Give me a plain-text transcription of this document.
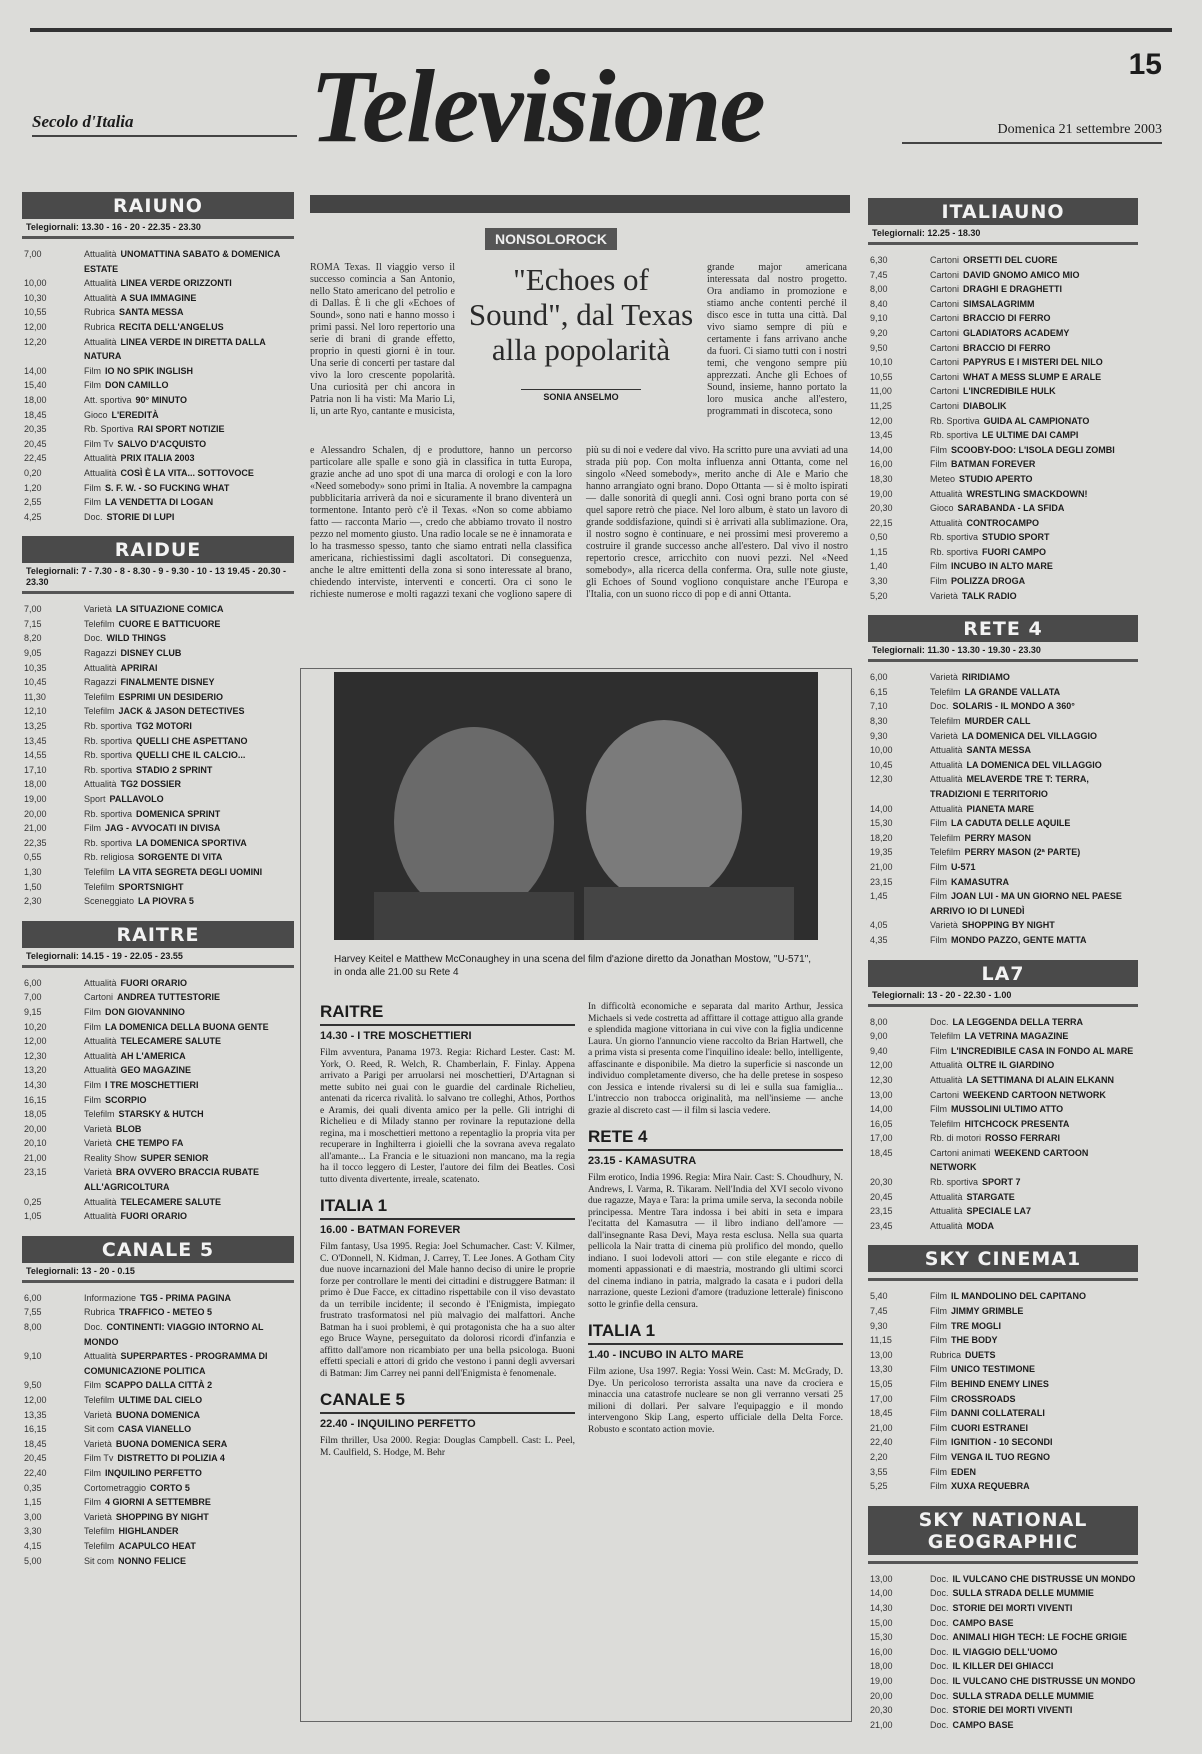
Secolo d'Italia Televisione	15
Domenica 21 settembre 2003
RAIUNO
Telegiornali: 13.30 - 16 - 20 - 22.35 - 23.30
7,00	Attualità UNOMATTINA SABATO & DOMENICA ESTATE
10,00	Attualità LINEA VERDE ORIZZONTI
10,30	Attualità A SUA IMMAGINE
10,55	Rubrica SANTA MESSA
12,00	Rubrica RECITA DELL'ANGELUS
12,20	Attualità LINEA VERDE IN DIRETTA DALLA NATURA
14,00	Film IO NO SPIK INGLISH
15,40	Film DON CAMILLO
18,00	Att. sportiva 90° MINUTO
18,45	Gioco L'EREDITÀ
20,35	Rb. Sportiva RAI SPORT NOTIZIE
20,45	Film Tv SALVO D'ACQUISTO
22,45	Attualità PRIX ITALIA 2003
0,20	Attualità COSÌ È LA VITA... SOTTOVOCE
1,20	Film S. F. W. - SO FUCKING WHAT
2,55	Film LA VENDETTA DI LOGAN
4,25	Doc. STORIE DI LUPI
RAIDUE
Telegiornali: 7 - 7.30 - 8 - 8.30 - 9 - 9.30 - 10 - 13 19.45 - 20.30 - 23.30
7,00	Varietà LA SITUAZIONE COMICA
7,15	Telefilm CUORE E BATTICUORE
8,20	Doc. WILD THINGS
9,05	Ragazzi DISNEY CLUB
10,35	Attualità APRIRAI
10,45	Ragazzi FINALMENTE DISNEY
11,30	Telefilm ESPRIMI UN DESIDERIO
12,10	Telefilm JACK & JASON DETECTIVES
13,25	Rb. sportiva TG2 MOTORI
13,45	Rb. sportiva QUELLI CHE ASPETTANO
14,55	Rb. sportiva QUELLI CHE IL CALCIO...
17,10	Rb. sportiva STADIO 2 SPRINT
18,00	Attualità TG2 DOSSIER
19,00	Sport PALLAVOLO
20,00	Rb. sportiva DOMENICA SPRINT
21,00	Film JAG - AVVOCATI IN DIVISA
22,35	Rb. sportiva LA DOMENICA SPORTIVA
0,55	Rb. religiosa SORGENTE DI VITA
1,30	Telefilm LA VITA SEGRETA DEGLI UOMINI
1,50	Telefilm SPORTSNIGHT
2,30	Sceneggiato LA PIOVRA 5
RAITRE
Telegiornali: 14.15 - 19 - 22.05 - 23.55
6,00	Attualità FUORI ORARIO
7,00	Cartoni ANDREA TUTTESTORIE
9,15	Film DON GIOVANNINO
10,20	Film LA DOMENICA DELLA BUONA GENTE
12,00	Attualità TELECAMERE SALUTE
12,30	Attualità AH L'AMERICA
13,20	Attualità GEO MAGAZINE
14,30	Film I TRE MOSCHETTIERI
16,15	Film SCORPIO
18,05	Telefilm STARSKY & HUTCH
20,00	Varietà BLOB
20,10	Varietà CHE TEMPO FA
21,00	Reality Show SUPER SENIOR
23,15	Varietà BRA OVVERO BRACCIA RUBATE ALL'AGRICOLTURA
0,25	Attualità TELECAMERE SALUTE
1,05	Attualità FUORI ORARIO
CANALE 5
Telegiornali: 13 - 20 - 0.15
6,00	Informazione TG5 - PRIMA PAGINA
7,55	Rubrica TRAFFICO - METEO 5
8,00	Doc. CONTINENTI: VIAGGIO INTORNO AL MONDO
9,10	Attualità SUPERPARTES - PROGRAMMA DI COMUNICAZIONE POLITICA
9,50	Film SCAPPO DALLA CITTÀ 2
12,00	Telefilm ULTIME DAL CIELO
13,35	Varietà BUONA DOMENICA
16,15	Sit com CASA VIANELLO
18,45	Varietà BUONA DOMENICA SERA
20,45	Film Tv DISTRETTO DI POLIZIA 4
22,40	Film INQUILINO PERFETTO
0,35	Cortometraggio CORTO 5
1,15	Film 4 GIORNI A SETTEMBRE
3,00	Varietà SHOPPING BY NIGHT
3,30	Telefilm HIGHLANDER
4,15	Telefilm ACAPULCO HEAT
5,00	Sit com NONNO FELICE
ITALIAUNO
Telegiornali: 12.25 - 18.30
6,30	Cartoni ORSETTI DEL CUORE
7,45	Cartoni DAVID GNOMO AMICO MIO
8,00	Cartoni DRAGHI E DRAGHETTI
8,40	Cartoni SIMSALAGRIMM
9,10	Cartoni BRACCIO DI FERRO
9,20	Cartoni GLADIATORS ACADEMY
9,50	Cartoni BRACCIO DI FERRO
10,10	Cartoni PAPYRUS E I MISTERI DEL NILO
10,55	Cartoni WHAT A MESS SLUMP E ARALE
11,00	Cartoni L'INCREDIBILE HULK
11,25	Cartoni DIABOLIK
12,00	Rb. Sportiva GUIDA AL CAMPIONATO
13,45	Rb. sportiva LE ULTIME DAI CAMPI
14,00	Film SCOOBY-DOO: L'ISOLA DEGLI ZOMBI
16,00	Film BATMAN FOREVER
18,30	Meteo STUDIO APERTO
19,00	Attualità WRESTLING SMACKDOWN!
20,30	Gioco SARABANDA - LA SFIDA
22,15	Attualità CONTROCAMPO
0,50	Rb. sportiva STUDIO SPORT
1,15	Rb. sportiva FUORI CAMPO
1,40	Film INCUBO IN ALTO MARE
3,30	Film POLIZZA DROGA
5,20	Varietà TALK RADIO
RETE 4
Telegiornali: 11.30 - 13.30 - 19.30 - 23.30
6,00	Varietà RIRIDIAMO
6,15	Telefilm LA GRANDE VALLATA
7,10	Doc. SOLARIS - IL MONDO A 360°
8,30	Telefilm MURDER CALL
9,30	Varietà LA DOMENICA DEL VILLAGGIO
10,00	Attualità SANTA MESSA
10,45	Attualità LA DOMENICA DEL VILLAGGIO
12,30	Attualità MELAVERDE TRE T: TERRA, TRADIZIONI E TERRITORIO
14,00	Attualità PIANETA MARE
15,30	Film LA CADUTA DELLE AQUILE
18,20	Telefilm PERRY MASON
19,35	Telefilm PERRY MASON (2ª PARTE)
21,00	Film U-571
23,15	Film KAMASUTRA
1,45	Film JOAN LUI - MA UN GIORNO NEL PAESE ARRIVO IO DI LUNEDÌ
4,05	Varietà SHOPPING BY NIGHT
4,35	Film MONDO PAZZO, GENTE MATTA
LA7
Telegiornali: 13 - 20 - 22.30 - 1.00
8,00	Doc. LA LEGGENDA DELLA TERRA
9,00	Telefilm LA VETRINA MAGAZINE
9,40	Film L'INCREDIBILE CASA IN FONDO AL MARE
12,00	Attualità OLTRE IL GIARDINO
12,30	Attualità LA SETTIMANA DI ALAIN ELKANN
13,00	Cartoni WEEKEND CARTOON NETWORK
14,00	Film MUSSOLINI ULTIMO ATTO
16,05	Telefilm HITCHCOCK PRESENTA
17,00	Rb. di motori ROSSO FERRARI
18,45	Cartoni animati WEEKEND CARTOON NETWORK
20,30	Rb. sportiva SPORT 7
20,45	Attualità STARGATE
23,15	Attualità SPECIALE LA7
23,45	Attualità MODA
SKY CINEMA1
5,40	Film IL MANDOLINO DEL CAPITANO
7,45	Film JIMMY GRIMBLE
9,30	Film TRE MOGLI
11,15	Film THE BODY
13,00	Rubrica DUETS
13,30	Film UNICO TESTIMONE
15,05	Film BEHIND ENEMY LINES
17,00	Film CROSSROADS
18,45	Film DANNI COLLATERALI
21,00	Film CUORI ESTRANEI
22,40	Film IGNITION - 10 SECONDI
2,20	Film VENGA IL TUO REGNO
3,55	Film EDEN
5,25	Film XUXA REQUEBRA
SKY NATIONAL GEOGRAPHIC
13,00	Doc. IL VULCANO CHE DISTRUSSE UN MONDO
14,00	Doc. SULLA STRADA DELLE MUMMIE
14,30	Doc. STORIE DEI MORTI VIVENTI
15,00	Doc. CAMPO BASE
15,30	Doc. ANIMALI HIGH TECH: LE FOCHE GRIGIE
16,00	Doc. IL VIAGGIO DELL'UOMO
18,00	Doc. IL KILLER DEI GHIACCI
19,00	Doc. IL VULCANO CHE DISTRUSSE UN MONDO
20,00	Doc. SULLA STRADA DELLE MUMMIE
20,30	Doc. STORIE DEI MORTI VIVENTI
21,00	Doc. CAMPO BASE
NONSOLOROCK
ROMA Texas. Il viaggio verso il successo comincia a San Antonio, nello Stato americano del petrolio e di Dallas. È lì che gli «Echoes of Sound», sono nati e hanno mosso i primi passi. Nel loro repertorio una serie di brani di grande effetto, proprio in questi giorni è in tour. Una serie di concerti per tastare dal vivo la loro crescente popolarità. Una curiosità per chi ancora in Patria non li ha visti: Ma Mario Li, li, un arte Ryo, cantante e musicista,
"Echoes of Sound", dal Texas alla popolarità
SONIA ANSELMO
grande major americana interessata dal nostro progetto. Ora andiamo in promozione e stiamo anche contenti perché il disco esce in tutta una città. Dal vivo siamo sempre di più e certamente i fans arrivano anche da fuori. Ci siamo tutti con i nostri temi, che vengono sempre più apprezzati. Anche gli Echoes of Sound, insieme, hanno portato la loro musica anche all'estero, programmati in discoteca, sono
e Alessandro Schalen, dj e produttore, hanno un percorso particolare alle spalle e sono già in classifica in tutta Europa, grazie anche ad uno spot di una marca di orologi e con la loro «Need somebody» sono primi in Italia. A novembre la campagna pubblicitaria arriverà da noi e sicuramente il brano diventerà un tormentone. Intanto però c'è il Texas. «Non so come abbiamo fatto — racconta Mario —, credo che abbiamo trovato il nostro pezzo nel momento giusto. Una radio locale se ne è innamorata e lo ha trasmesso spesso, tanto che siamo entrati nella classifica americana, richiestissimi dagli ascoltatori. Di conseguenza, anche le altre emittenti della zona si sono interessate al brano, chiedendo interviste, interventi e concerti. Ora ci sono le richieste numerose e molti ragazzi texani che vogliono sapere di più su di noi e vedere dal vivo. Ha scritto pure una avviati ad una strada più pop. Con molta influenza anni Ottanta, come nel singolo «Need somebody», merito anche di Ale e Mario che hanno arrangiato ogni brano. Dopo Ottanta — si è molto ispirati — dalle sonorità di quegli anni. Così ogni brano porta con sé quel sapore retrò che piace. Nel loro album, è stato un lavoro di grande soddisfazione, quindi si è arrivati alla sublimazione. Ora, il nostro sogno è continuare, e nei prossimi mesi proveremo a costruire il grande successo anche all'estero. Dal vivo il nostro repertorio cresce, arricchito con nuovi pezzi. Nel «Need somebody», alla ricerca della conferma. Ora, sulle note giuste, gli Echoes of Sound vogliono conquistare anche l'Europa e l'Italia, con un suono ricco di pop e di anni Ottanta.
Harvey Keitel e Matthew McConaughey in una scena del film d'azione diretto da Jonathan Mostow, "U-571", in onda alle 21.00 su Rete 4
RAITRE
14.30 - I TRE MOSCHETTIERI
Film avventura, Panama 1973. Regia: Richard Lester. Cast: M. York, O. Reed, R. Welch, R. Chamberlain, F. Finlay. Appena arrivato a Parigi per arruolarsi nei moschettieri, D'Artagnan si mette subito nei guai con le guardie del cardinale Richelieu, antenati da ricerca rivalità. lo salvano tre colleghi, Athos, Porthos e Aramis, dei quali diventa amico per la pelle. Gli intrighi di Richelieu e di Milady stanno per rovinare la reputazione della regina, ma i moschettieri mettono a repentaglio la propria vita per recuperare in Inghilterra i gioielli che la sovrana aveva regalato all'amante... La Francia e le situazioni non mancano, ma la regia ha il tocco leggero di Lester, l'autore dei film dei Beatles. Così tutto diventa divertente, irreale, scatenato.
ITALIA 1
16.00 - BATMAN FOREVER
Film fantasy, Usa 1995. Regia: Joel Schumacher. Cast: V. Kilmer, C. O'Donnell, N. Kidman, J. Carrey, T. Lee Jones. A Gotham City due nuove incarnazioni del Male hanno deciso di unire le proprie forze per controllare le menti dei cittadini e distruggere Batman: il primo è Due Facce, ex cittadino rispettabile con il viso devastato da un terribile incidente; il secondo è l'Enigmista, impiegato frustrato trasformatosi nel più malvagio dei malfattori. Anche Batman ha i suoi problemi, è qui protagonista che ha a suo alter ego Bruce Wayne, perseguitato da dolorosi ricordi d'infanzia e affitto dall'amore non ricambiato per una bella psicologa. Buoni effetti speciali e attori di grido che vestono i panni degli avversari di Batman: Jim Carrey nei panni dell'Enigmista è fenomenale.
CANALE 5
22.40 - INQUILINO PERFETTO
Film thriller, Usa 2000. Regia: Douglas Campbell. Cast: L. Peel, M. Caulfield, S. Hodge, M. Behr
In difficoltà economiche e separata dal marito Arthur, Jessica Michaels si vede costretta ad affittare il cottage attiguo alla grande e splendida magione vittoriana in cui vive con la figlia undicenne Laura. Un giorno l'annuncio viene raccolto da Brian Hartwell, che a prima vista si presenta come l'inquilino ideale: bello, intelligente, affascinante e disponibile. Ma dietro la superficie si nasconde un individuo completamente diverso, che ha delle pretese in sospeso con Jessica e intende rivalersi su di lei e sulla sua famiglia... L'intreccio non trabocca originalità, ma nell'insieme — anche grazie al discreto cast — il film si lascia vedere.
RETE 4
23.15 - KAMASUTRA
Film erotico, India 1996. Regia: Mira Nair. Cast: S. Choudhury, N. Andrews, I. Varma, R. Tikaram. Nell'India del XVI secolo vivono due ragazze, Maya e Tara: la prima umile serva, la seconda nobile principessa. Mentre Tara indossa i bei abiti in seta e impara l'ecitatta del Kamasutra — il libro indiano dell'amore — dall'insegnante Rasa Devi, Maya resta esclusa. Nella sua quarta pellicola la Nair tratta di cinema più prolifico del mondo, quello indiano. I suoi lodevoli attori — con stile elegante e ricco di momenti appassionati e di maestria, mostrando gli ultimi scorci del cinema indiano in patria, malgrado la casata e i pudori della narrazione, queste Lezioni d'amore (traduzione letterale) finiscono sotto le grinfie della censura.
ITALIA 1
1.40 - INCUBO IN ALTO MARE
Film azione, Usa 1997. Regia: Yossi Wein. Cast: M. McGrady, D. Dye. Un pericoloso terrorista assalta una nave da crociera e minaccia una catastrofe nucleare se non gli verranno versati 25 milioni di dollari. Per salvare l'equipaggio e il mondo intervengono Skip Lang, esperto ufficiale della Delta Force. Robusto e scontato action movie.
